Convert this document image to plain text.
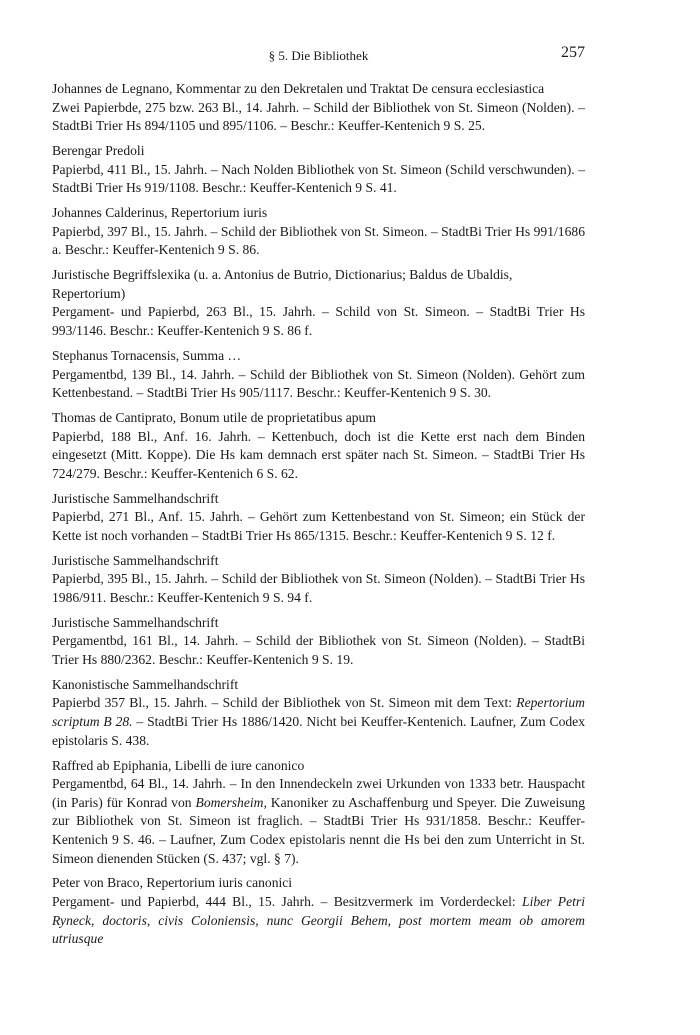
§ 5. Die Bibliothek	257

Johannes de Legnano, Kommentar zu den Dekretalen und Traktat De censura ecclesiastica

Zwei Papierbde, 275 bzw. 263 Bl., 14. Jahrh. – Schild der Bibliothek von St. Simeon (Nolden). – StadtBi Trier Hs 894/1105 und 895/1106. – Beschr.: Keuffer-Kentenich 9 S. 25.

Berengar Predoli

Papierbd, 411 Bl., 15. Jahrh. – Nach Nolden Bibliothek von St. Simeon (Schild verschwunden). – StadtBi Trier Hs 919/1108. Beschr.: Keuffer-Kentenich 9 S. 41.

Johannes Calderinus, Repertorium iuris

Papierbd, 397 Bl., 15. Jahrh. – Schild der Bibliothek von St. Simeon. – StadtBi Trier Hs 991/1686 a. Beschr.: Keuffer-Kentenich 9 S. 86.

Juristische Begriffslexika (u. a. Antonius de Butrio, Dictionarius; Baldus de Ubaldis, Repertorium)

Pergament- und Papierbd, 263 Bl., 15. Jahrh. – Schild von St. Simeon. – StadtBi Trier Hs 993/1146. Beschr.: Keuffer-Kentenich 9 S. 86 f.

Stephanus Tornacensis, Summa …

Pergamentbd, 139 Bl., 14. Jahrh. – Schild der Bibliothek von St. Simeon (Nolden). Gehört zum Kettenbestand. – StadtBi Trier Hs 905/1117. Beschr.: Keuffer-Kentenich 9 S. 30.

Thomas de Cantiprato, Bonum utile de proprietatibus apum

Papierbd, 188 Bl., Anf. 16. Jahrh. – Kettenbuch, doch ist die Kette erst nach dem Binden eingesetzt (Mitt. Koppe). Die Hs kam demnach erst später nach St. Simeon. – StadtBi Trier Hs 724/279. Beschr.: Keuffer-Kentenich 6 S. 62.

Juristische Sammelhandschrift

Papierbd, 271 Bl., Anf. 15. Jahrh. – Gehört zum Kettenbestand von St. Simeon; ein Stück der Kette ist noch vorhanden – StadtBi Trier Hs 865/1315. Beschr.: Keuffer-Kentenich 9 S. 12 f.

Juristische Sammelhandschrift

Papierbd, 395 Bl., 15. Jahrh. – Schild der Bibliothek von St. Simeon (Nolden). – StadtBi Trier Hs 1986/911. Beschr.: Keuffer-Kentenich 9 S. 94 f.

Juristische Sammelhandschrift

Pergamentbd, 161 Bl., 14. Jahrh. – Schild der Bibliothek von St. Simeon (Nolden). – StadtBi Trier Hs 880/2362. Beschr.: Keuffer-Kentenich 9 S. 19.

Kanonistische Sammelhandschrift

Papierbd 357 Bl., 15. Jahrh. – Schild der Bibliothek von St. Simeon mit dem Text: Repertorium scriptum B 28. – StadtBi Trier Hs 1886/1420. Nicht bei Keuffer-Kentenich. Laufner, Zum Codex epistolaris S. 438.

Raffred ab Epiphania, Libelli de iure canonico

Pergamentbd, 64 Bl., 14. Jahrh. – In den Innendeckeln zwei Urkunden von 1333 betr. Hauspacht (in Paris) für Konrad von Bomersheim, Kanoniker zu Aschaffenburg und Speyer. Die Zuweisung zur Bibliothek von St. Simeon ist fraglich. – StadtBi Trier Hs 931/1858. Beschr.: Keuffer-Kentenich 9 S. 46. – Laufner, Zum Codex epistolaris nennt die Hs bei den zum Unterricht in St. Simeon dienenden Stücken (S. 437; vgl. § 7).

Peter von Braco, Repertorium iuris canonici

Pergament- und Papierbd, 444 Bl., 15. Jahrh. – Besitzvermerk im Vorderdeckel: Liber Petri Ryneck, doctoris, civis Coloniensis, nunc Georgii Behem, post mortem meam ob amorem utriusque
